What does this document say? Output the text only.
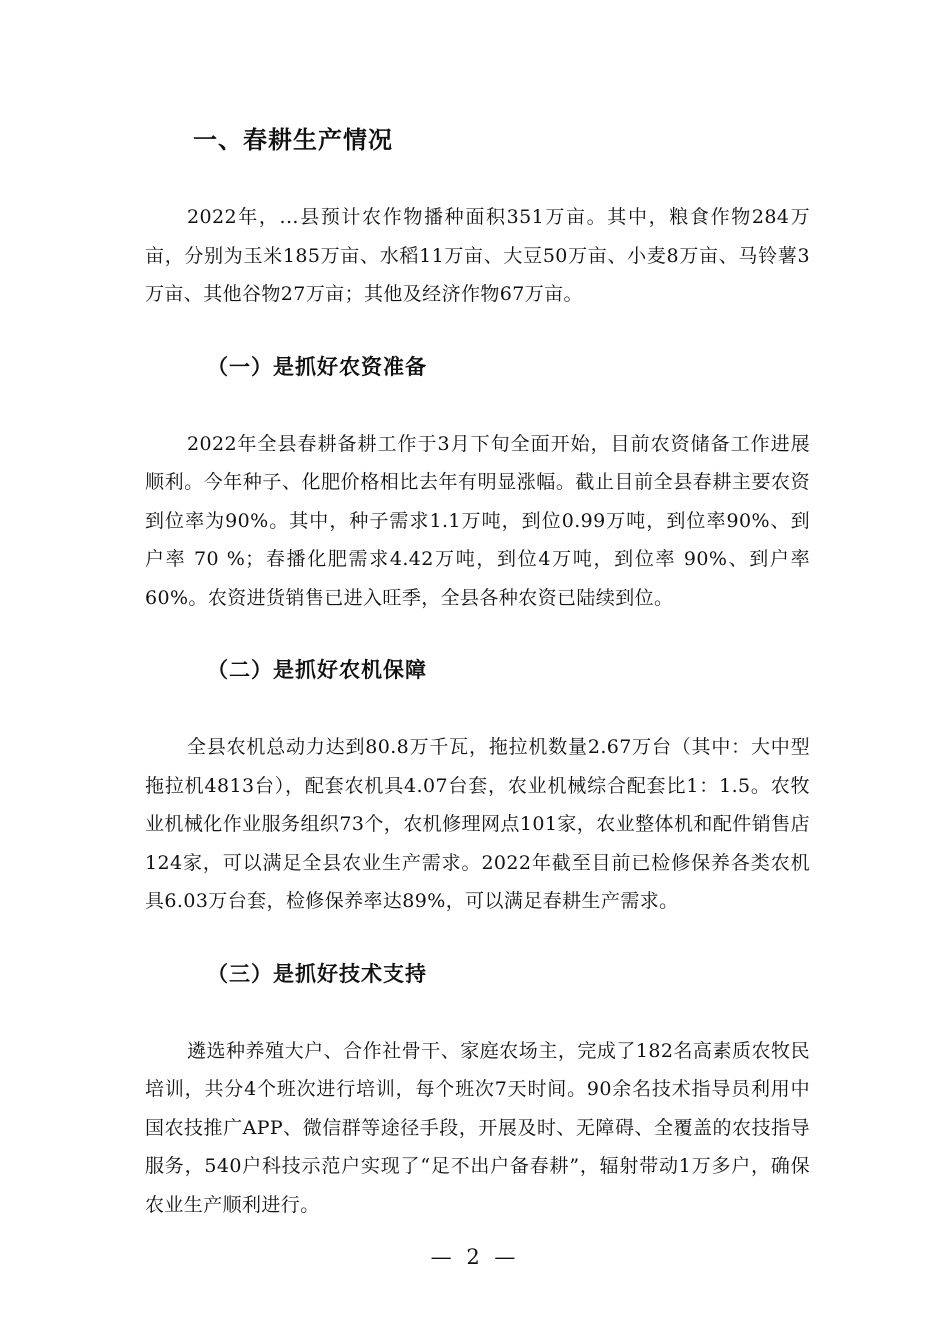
一、春耕生产情况

2022年，...县预计农作物播种面积351万亩。其中，粮食作物284万亩，分别为玉米185万亩、水稻11万亩、大豆50万亩、小麦8万亩、马铃薯3万亩、其他谷物27万亩；其他及经济作物67万亩。

（一）是抓好农资准备

2022年全县春耕备耕工作于3月下旬全面开始，目前农资储备工作进展顺利。今年种子、化肥价格相比去年有明显涨幅。截止目前全县春耕主要农资到位率为90%。其中，种子需求1.1万吨，到位0.99万吨，到位率90%、到户率 70 %；春播化肥需求4.42万吨，到位4万吨，到位率 90%、到户率60%。农资进货销售已进入旺季，全县各种农资已陆续到位。

（二）是抓好农机保障

全县农机总动力达到80.8万千瓦，拖拉机数量2.67万台（其中：大中型拖拉机4813台），配套农机具4.07台套，农业机械综合配套比1：1.5。农牧业机械化作业服务组织73个，农机修理网点101家，农业整体机和配件销售店124家，可以满足全县农业生产需求。2022年截至目前已检修保养各类农机具6.03万台套，检修保养率达89%，可以满足春耕生产需求。

（三）是抓好技术支持

遴选种养殖大户、合作社骨干、家庭农场主，完成了182名高素质农牧民培训，共分4个班次进行培训，每个班次7天时间。90余名技术指导员利用中国农技推广APP、微信群等途径手段，开展及时、无障碍、全覆盖的农技指导服务，540户科技示范户实现了“足不出户备春耕”，辐射带动1万多户，确保农业生产顺利进行。

— 2 —
